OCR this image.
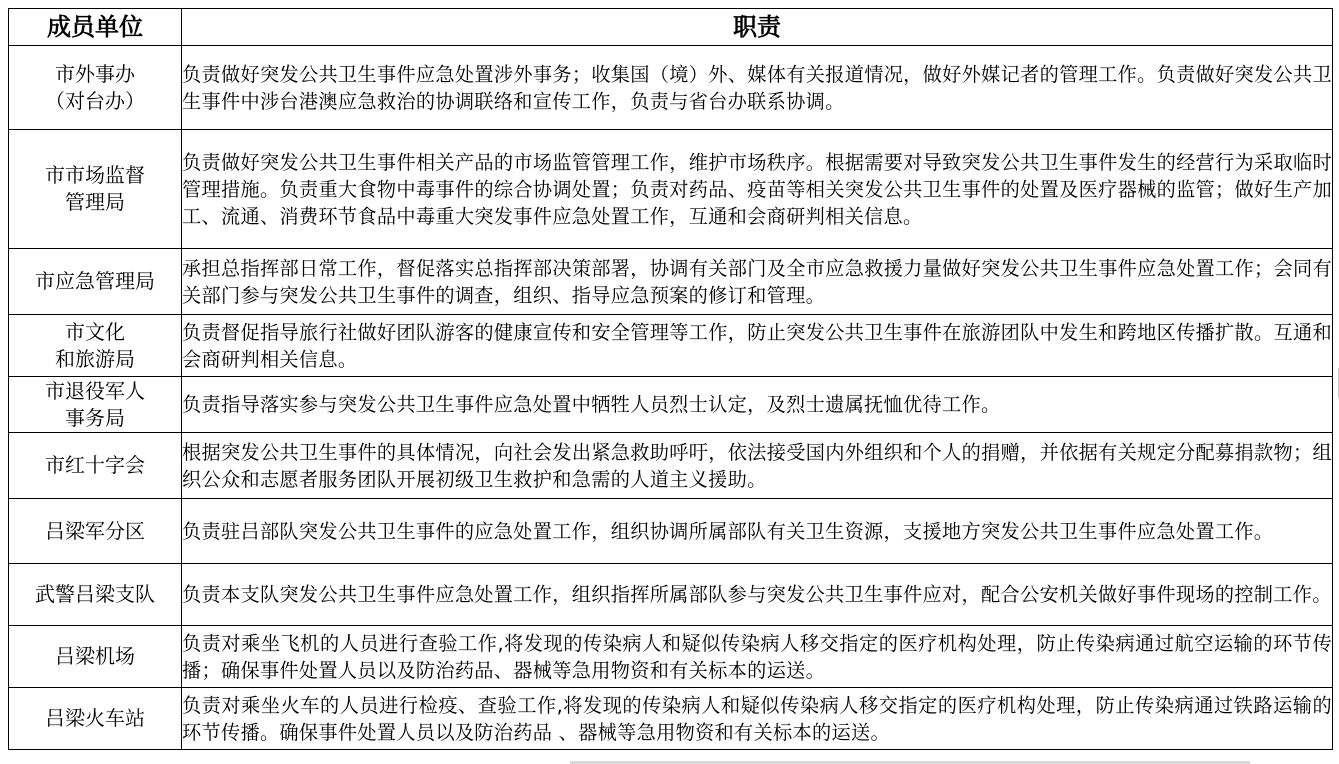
成员单位	职责

市外事办
（对台办）	负责做好突发公共卫生事件应急处置涉外事务；收集国（境）外、媒体有关报道情况，做好外媒记者的管理工作。负责做好突发公共卫生事件中涉台港澳应急救治的协调联络和宣传工作，负责与省台办联系协调。

市市场监督
管理局	负责做好突发公共卫生事件相关产品的市场监管管理工作，维护市场秩序。根据需要对导致突发公共卫生事件发生的经营行为采取临时管理措施。负责重大食物中毒事件的综合协调处置；负责对药品、疫苗等相关突发公共卫生事件的处置及医疗器械的监管；做好生产加工、流通、消费环节食品中毒重大突发事件应急处置工作，互通和会商研判相关信息。

市应急管理局	承担总指挥部日常工作，督促落实总指挥部决策部署，协调有关部门及全市应急救援力量做好突发公共卫生事件应急处置工作；会同有关部门参与突发公共卫生事件的调查，组织、指导应急预案的修订和管理。

市文化
和旅游局	负责督促指导旅行社做好团队游客的健康宣传和安全管理等工作，防止突发公共卫生事件在旅游团队中发生和跨地区传播扩散。互通和会商研判相关信息。

市退役军人
事务局	负责指导落实参与突发公共卫生事件应急处置中牺牲人员烈士认定，及烈士遗属抚恤优待工作。

市红十字会	根据突发公共卫生事件的具体情况，向社会发出紧急救助呼吁，依法接受国内外组织和个人的捐赠，并依据有关规定分配募捐款物；组织公众和志愿者服务团队开展初级卫生救护和急需的人道主义援助。

吕梁军分区	负责驻吕部队突发公共卫生事件的应急处置工作，组织协调所属部队有关卫生资源，支援地方突发公共卫生事件应急处置工作。

武警吕梁支队	负责本支队突发公共卫生事件应急处置工作，组织指挥所属部队参与突发公共卫生事件应对，配合公安机关做好事件现场的控制工作。

吕梁机场	负责对乘坐飞机的人员进行查验工作,将发现的传染病人和疑似传染病人移交指定的医疗机构处理，防止传染病通过航空运输的环节传播；确保事件处置人员以及防治药品、器械等急用物资和有关标本的运送。

吕梁火车站	负责对乘坐火车的人员进行检疫、查验工作,将发现的传染病人和疑似传染病人移交指定的医疗机构处理，防止传染病通过铁路运输的环节传播。确保事件处置人员以及防治药品 、器械等急用物资和有关标本的运送。
